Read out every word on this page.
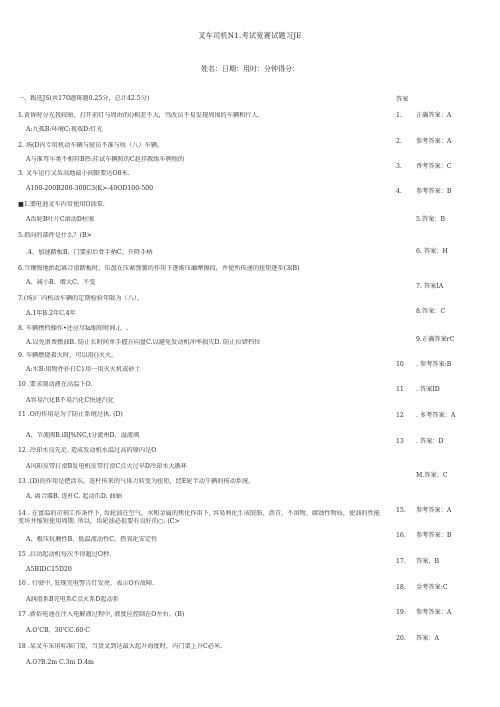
叉车司机N1.考试宽赛试题习JE
姓名：日期：用时：分钟得分：
一、跋选JS(共170题斑题0.25分，总计42.5分)
1.黄昏时分光我较暗，打开前灯与周由的()相差不大，骂改员不易发现周围的车辆和行人.
A:九孤B:环境C:视戏D:灯光
2. 场(D内专用机动车辆与驶员不准与收（八）车辆。
A与准驾车类不相符B热:挂试车辆照的C赵挂教练车牌照的
3. 叉车运行又齿高地最小间限要达O8米.
A100-200B200-300C3(K>-40OD100-500
■1.翡电池叉车内常使用O油泵.
A齿轮B叶片C滚动D柱塞
5.指向的部件是什么？(B>
.4、加速踏板B、门要前后骨手柄C、升降手柄
6.当镶慢地抬起离合滑踏板时，压盘在压紧弹簧的作用下逐渐压蘼摩擦段，并使所传递的扭矩逐步(3(B)
A、减小B、增大C、不变
7.(场)厂内机动车辆的定期检验年限为（八）。
A.1年B.2年C.4年
8. 车辆携档操作•还应尽la缩短时间.(，.
A.以免浪费燃油B. 防止长时间单手握方向盘C.以避免发动机冲率损失D. 防止拉错档位
9. 车辆燃烧着火时，可以用()灭火。
A:水B:用物件扑打C}用一用灭火机或砂土
10 .要求制动液在高温下O.
A容易汽化B不易汽化C快速汽化
11 .O的作用是为了防止系统过执. (D)
A、节流阀B.iBJ%NC,t分流州D、溢流阀
12 .冷却水良先足. 造成发动机水温过高的原内是O
A风阳皮带打滑B发电机皮带打滑C点火过早D冷却水大循环
13 .(D)的作用是把活东，连杆传来的气体力转变为扭矩，经E轮半动午辆的传动系统。
A. 离合器B. 连杆C. 起动爪D. 曲轴
14 . 在富温的苛刻工作条件下, 齿轮油在空气、水和金属的焦化作用下, 容易利化生成胶肪、沥青、不溶物、腐蚀性物质，使油的性能变坏并缩短使用周期. 所以，齿轮油必很要有良好的○. (C>
A、极压抗磨性B、低温流动性C、热氧化安定性
15 .启动起动机每次不得超过O秒.
A5BIDC15D20
16 . 行驶中, 发现充电警告灯发亮，表示O有故障.
A润滑系B充电系C点火系D起动系
17 .新俗电池在注入电解液过程中, 液度应控制在O左右。(B)
A.O'CB、30'CC.60·C
18 .某叉车采用标准门架，当货叉到达最大起升海度时，内门架上升C必米.
A.O?B.2m C.3m D.4m
答案
1. 正确答案：A
2. 参考答案：A
3. 香考答案：C
4. 参考答案：B
5.答案：B
6. 答案：H
7. 答案IA
8.答案：C
9.正确答案rC
10 . 参考答案:B
11 . 答案ID
12 . 多考答案：A
13 . 答案：D
M.答案：C
15. 参考答案：A
16. 参考答案：B
17. 答案，B
18. 金考答案:C
19. 参考答案：A
20. 答案：A
